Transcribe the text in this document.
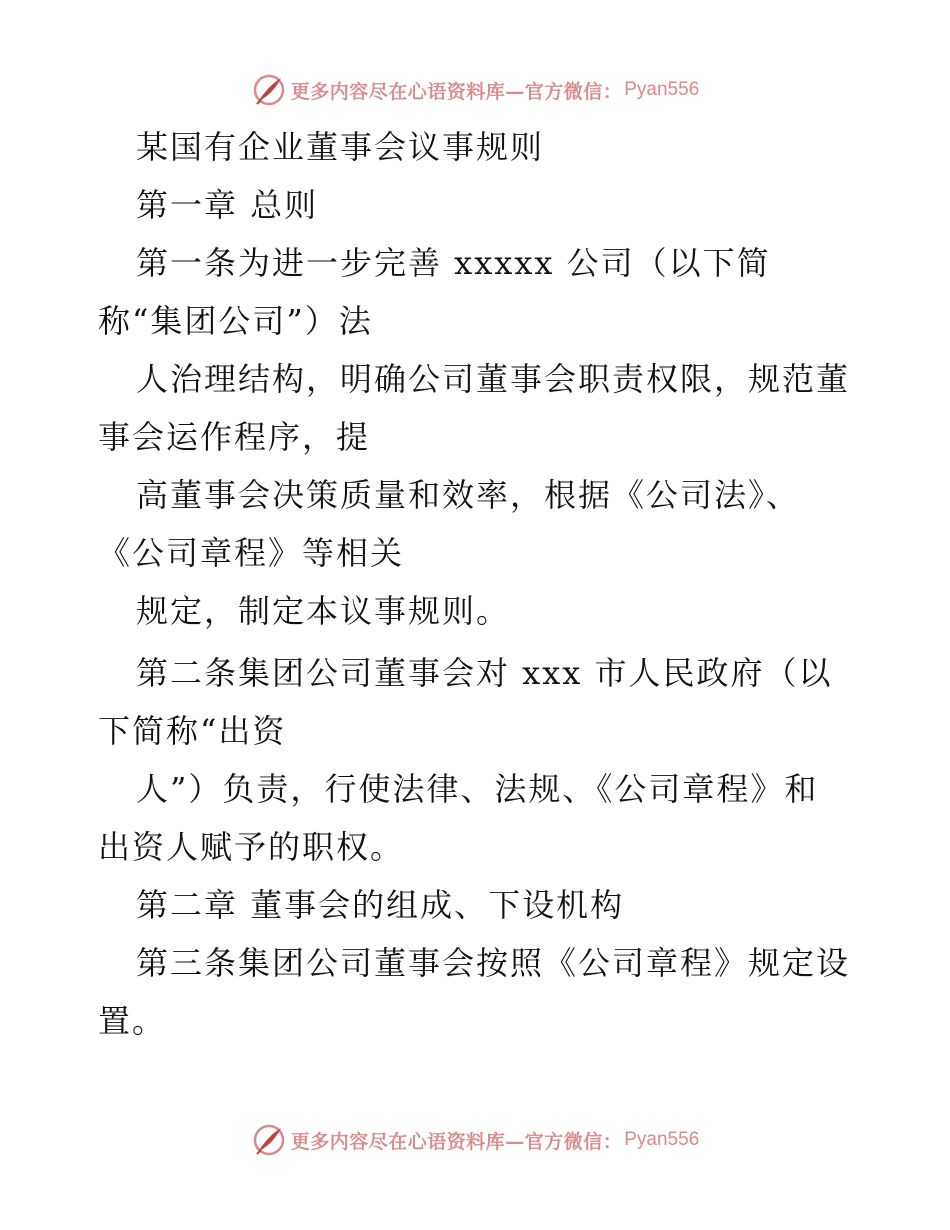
更多内容尽在心语资料库—官方微信： Pyan556
某国有企业董事会议事规则
第一章 总则
第一条为进一步完善 xxxxx 公司（以下简
称“集团公司”）法
人治理结构，明确公司董事会职责权限，规范董
事会运作程序，提
高董事会决策质量和效率，根据《公司法》、
《公司章程》等相关
规定，制定本议事规则。
第二条集团公司董事会对 xxx 市人民政府（以
下简称“出资
人”）负责，行使法律、法规、《公司章程》和
出资人赋予的职权。
第二章 董事会的组成、下设机构
第三条集团公司董事会按照《公司章程》规定设
置。
更多内容尽在心语资料库—官方微信： Pyan556
